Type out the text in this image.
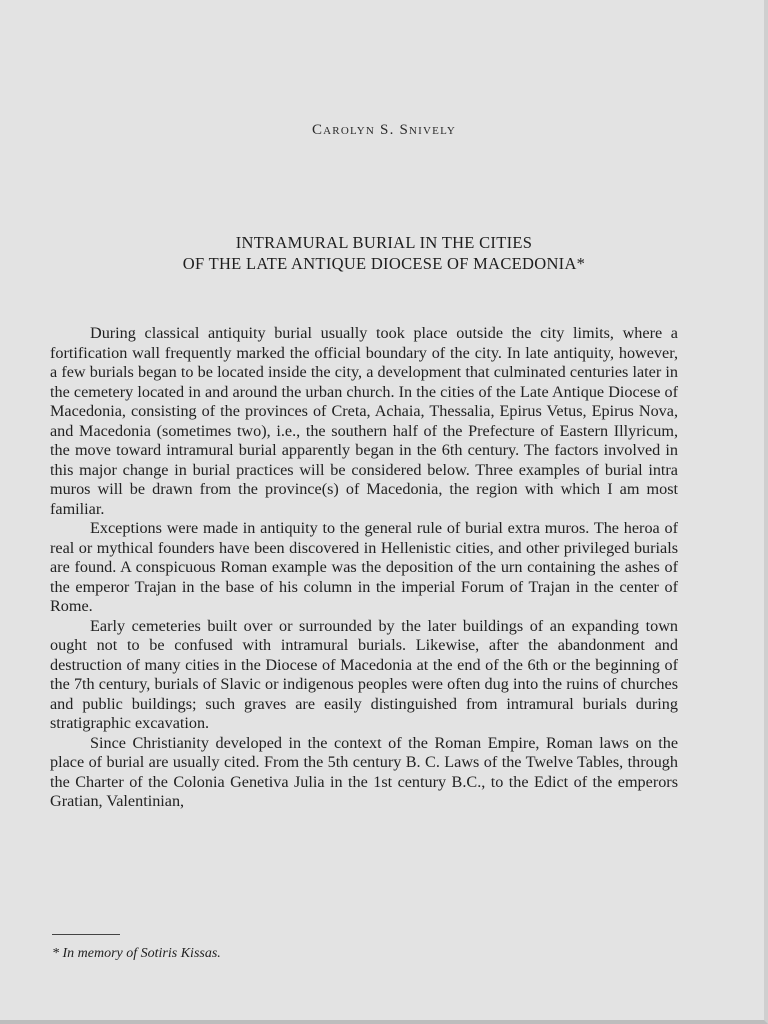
Carolyn S. Snively
INTRAMURAL BURIAL IN THE CITIES
OF THE LATE ANTIQUE DIOCESE OF MACEDONIA*

During classical antiquity burial usually took place outside the city limits, where a fortification wall frequently marked the official boundary of the city. In late antiquity, however, a few burials began to be located inside the city, a development that culminated centuries later in the cemetery located in and around the urban church. In the cities of the Late Antique Diocese of Macedonia, consisting of the provinces of Creta, Achaia, Thessalia, Epirus Vetus, Epirus Nova, and Macedonia (sometimes two), i.e., the southern half of the Prefecture of Eastern Illyricum, the move toward intramural burial apparently began in the 6th century. The factors involved in this major change in burial practices will be considered below. Three examples of burial intra muros will be drawn from the province(s) of Macedonia, the region with which I am most familiar.

Exceptions were made in antiquity to the general rule of burial extra muros. The heroa of real or mythical founders have been discovered in Hellenistic cities, and other privileged burials are found. A conspicuous Roman example was the deposition of the urn containing the ashes of the emperor Trajan in the base of his column in the imperial Forum of Trajan in the center of Rome.

Early cemeteries built over or surrounded by the later buildings of an expanding town ought not to be confused with intramural burials. Likewise, after the abandonment and destruction of many cities in the Diocese of Macedonia at the end of the 6th or the beginning of the 7th century, burials of Slavic or indigenous peoples were often dug into the ruins of churches and public buildings; such graves are easily distinguished from intramural burials during stratigraphic excavation.

Since Christianity developed in the context of the Roman Empire, Roman laws on the place of burial are usually cited. From the 5th century B. C. Laws of the Twelve Tables, through the Charter of the Colonia Genetiva Julia in the 1st century B.C., to the Edict of the emperors Gratian, Valentinian,

* In memory of Sotiris Kissas.
